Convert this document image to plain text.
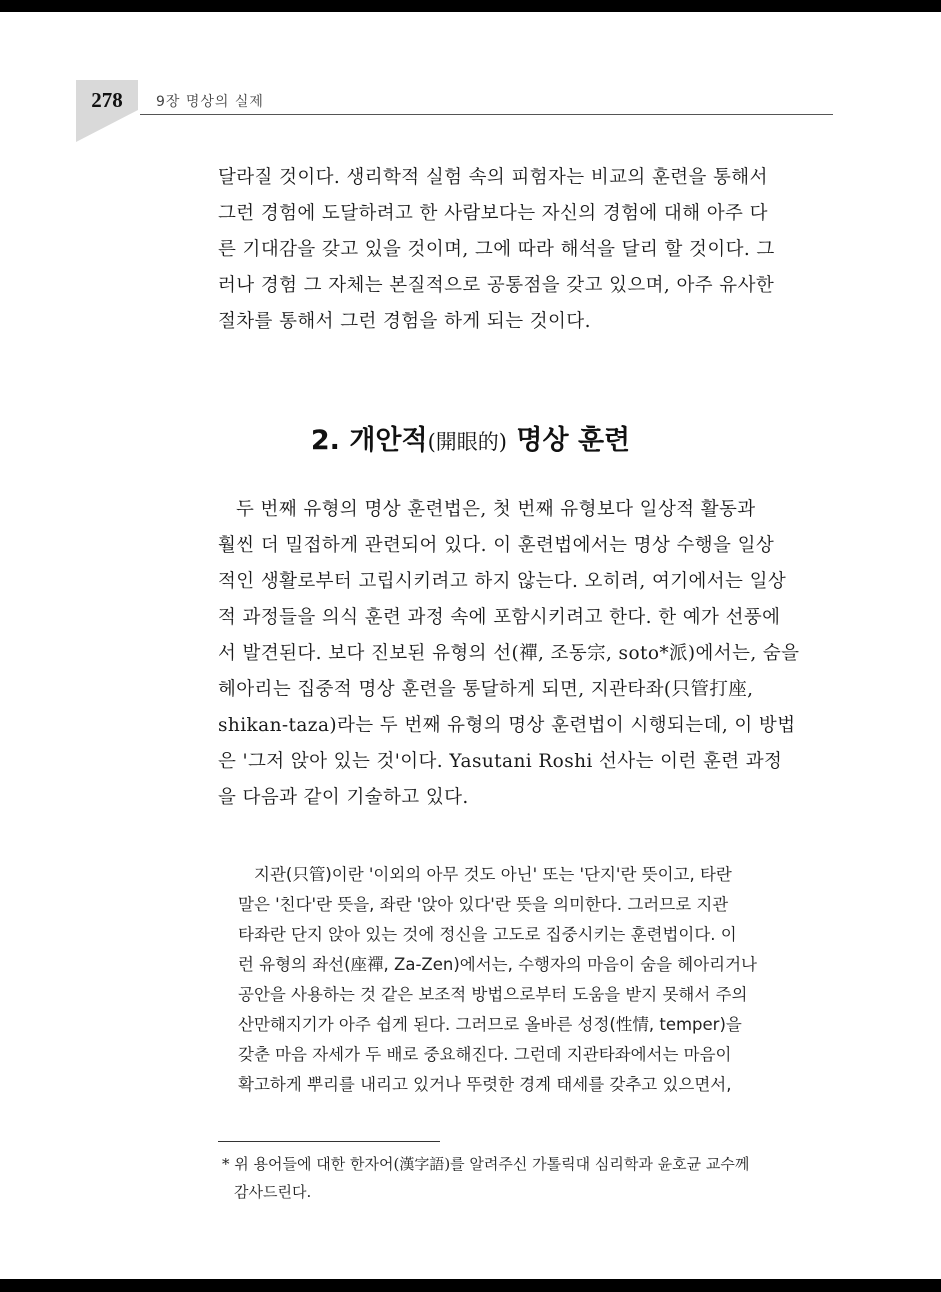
278	9장 명상의 실제
달라질 것이다. 생리학적 실험 속의 피험자는 비교의 훈련을 통해서
그런 경험에 도달하려고 한 사람보다는 자신의 경험에 대해 아주 다
른 기대감을 갖고 있을 것이며, 그에 따라 해석을 달리 할 것이다. 그
러나 경험 그 자체는 본질적으로 공통점을 갖고 있으며, 아주 유사한
절차를 통해서 그런 경험을 하게 되는 것이다.
2. 개안적(開眼的) 명상 훈련
두 번째 유형의 명상 훈련법은, 첫 번째 유형보다 일상적 활동과
훨씬 더 밀접하게 관련되어 있다. 이 훈련법에서는 명상 수행을 일상
적인 생활로부터 고립시키려고 하지 않는다. 오히려, 여기에서는 일상
적 과정들을 의식 훈련 과정 속에 포함시키려고 한다. 한 예가 선풍에
서 발견된다. 보다 진보된 유형의 선(禪, 조동宗, soto*派)에서는, 숨을
헤아리는 집중적 명상 훈련을 통달하게 되면, 지관타좌(只管打座,
shikan-taza)라는 두 번째 유형의 명상 훈련법이 시행되는데, 이 방법
은 '그저 앉아 있는 것'이다. Yasutani Roshi 선사는 이런 훈련 과정
을 다음과 같이 기술하고 있다.
지관(只管)이란 '이외의 아무 것도 아닌' 또는 '단지'란 뜻이고, 타란
말은 '친다'란 뜻을, 좌란 '앉아 있다'란 뜻을 의미한다. 그러므로 지관
타좌란 단지 앉아 있는 것에 정신을 고도로 집중시키는 훈련법이다. 이
런 유형의 좌선(座禪, Za-Zen)에서는, 수행자의 마음이 숨을 헤아리거나
공안을 사용하는 것 같은 보조적 방법으로부터 도움을 받지 못해서 주의
산만해지기가 아주 쉽게 된다. 그러므로 올바른 성정(性情, temper)을
갖춘 마음 자세가 두 배로 중요해진다. 그런데 지관타좌에서는 마음이
확고하게 뿌리를 내리고 있거나 뚜렷한 경계 태세를 갖추고 있으면서,
* 위 용어들에 대한 한자어(漢字語)를 알려주신 가톨릭대 심리학과 윤호균 교수께
감사드린다.
